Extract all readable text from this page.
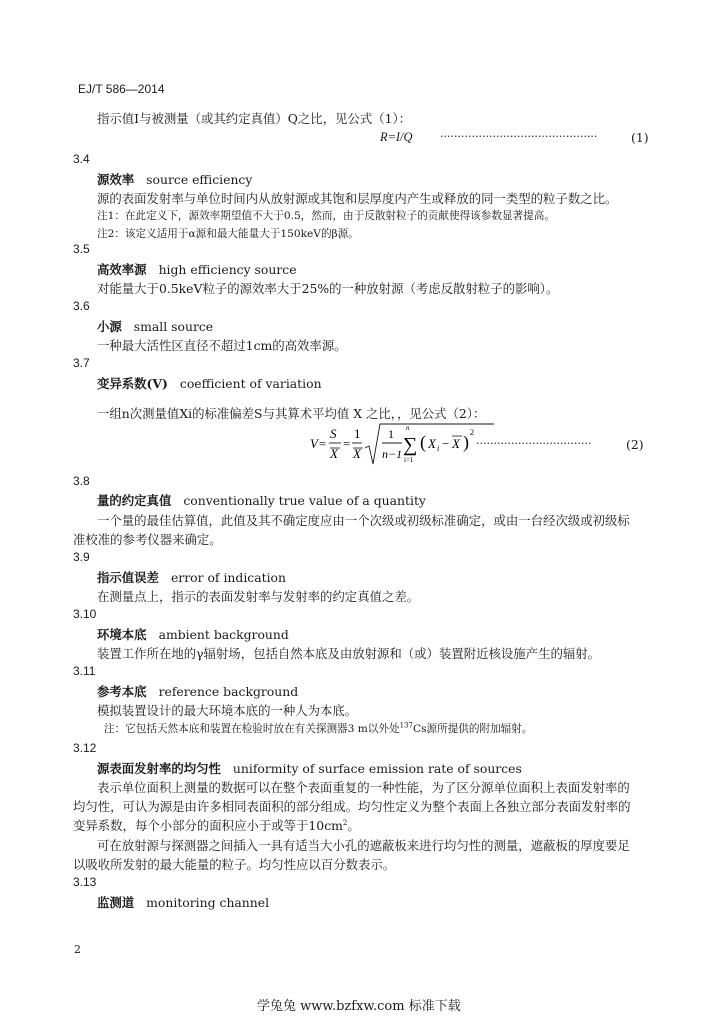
EJ/T 586—2014
指示值I与被测量（或其约定真值）Q之比，见公式（1）：
R=I/Q	·············································	(1)
3.4
源效率 source efficiency
源的表面发射率与单位时间内从放射源或其饱和层厚度内产生或释放的同一类型的粒子数之比。
注1：在此定义下，源效率期望值不大于0.5，然而，由于反散射粒子的贡献使得该参数显著提高。
注2：该定义适用于α源和最大能量大于150keV的β源。
3.5
高效率源 high efficiency source
对能量大于0.5keV粒子的源效率大于25%的一种放射源（考虑反散射粒子的影响）。
3.6
小源 small source
一种最大活性区直径不超过1cm的高效率源。
3.7
变异系数(V) coefficient of variation
一组n次测量值Xi的标准偏差S与其算术平均值 X 之比，，见公式（2）：
V=
S
X
=
1
X
1
n−1
n
∑
i=1
( X i − X ) 2
·································	(2)
3.8
量的约定真值 conventionally true value of a quantity
一个量的最佳估算值，此值及其不确定度应由一个次级或初级标准确定，或由一台经次级或初级标
准校准的参考仪器来确定。
3.9
指示值误差 error of indication
在测量点上，指示的表面发射率与发射率的约定真值之差。
3.10
环境本底 ambient background
装置工作所在地的γ辐射场，包括自然本底及由放射源和（或）装置附近核设施产生的辐射。
3.11
参考本底 reference background
模拟装置设计的最大环境本底的一种人为本底。
注：它包括天然本底和装置在检验时放在有关探测器3 m以外处$^{137}$Cs源所提供的附加辐射。
3.12
源表面发射率的均匀性 uniformity of surface emission rate of sources
表示单位面积上测量的数据可以在整个表面重复的一种性能，为了区分源单位面积上表面发射率的
均匀性，可认为源是由许多相同表面积的部分组成。均匀性定义为整个表面上各独立部分表面发射率的
变异系数，每个小部分的面积应小于或等于$10cm^2$。
可在放射源与探测器之间插入一具有适当大小孔的遮蔽板来进行均匀性的测量，遮蔽板的厚度要足
以吸收所发射的最大能量的粒子。均匀性应以百分数表示。
3.13
监测道 monitoring channel
2
学兔兔 www.bzfxw.com 标准下载
